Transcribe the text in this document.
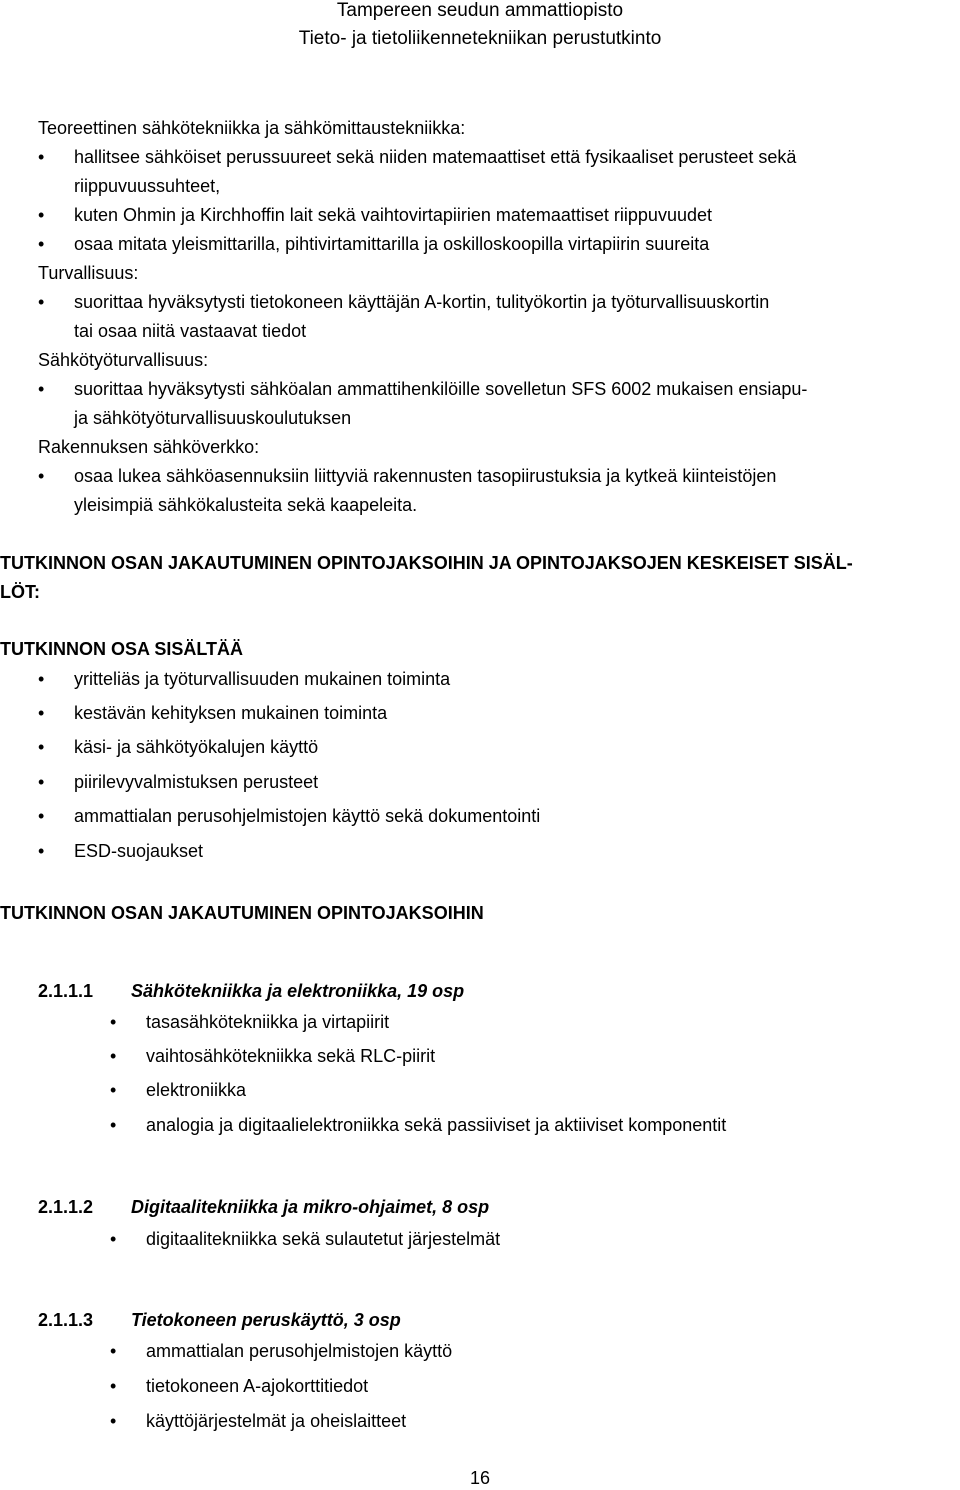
Tampereen seudun ammattiopisto
Tieto- ja tietoliikennetekniikan perustutkinto
Teoreettinen sähkötekniikka ja sähkömittaustekniikka:
• hallitsee sähköiset perussuureet sekä niiden matemaattiset että fysikaaliset perusteet sekä
riippuvuussuhteet,
• kuten Ohmin ja Kirchhoffin lait sekä vaihtovirtapiirien matemaattiset riippuvuudet
• osaa mitata yleismittarilla, pihtivirtamittarilla ja oskilloskoopilla virtapiirin suureita
Turvallisuus:
• suorittaa hyväksytysti tietokoneen käyttäjän A-kortin, tulityökortin ja työturvallisuuskortin
tai osaa niitä vastaavat tiedot
Sähkötyöturvallisuus:
• suorittaa hyväksytysti sähköalan ammattihenkilöille sovelletun SFS 6002 mukaisen ensiapu-
ja sähkötyöturvallisuuskoulutuksen
Rakennuksen sähköverkko:
• osaa lukea sähköasennuksiin liittyviä rakennusten tasopiirustuksia ja kytkeä kiinteistöjen
yleisimpiä sähkökalusteita sekä kaapeleita.
TUTKINNON OSAN JAKAUTUMINEN OPINTOJAKSOIHIN JA OPINTOJAKSOJEN KESKEISET SISÄL-
LÖT:
TUTKINNON OSA SISÄLTÄÄ
• yritteliäs ja työturvallisuuden mukainen toiminta
• kestävän kehityksen mukainen toiminta
• käsi- ja sähkötyökalujen käyttö
• piirilevyvalmistuksen perusteet
• ammattialan perusohjelmistojen käyttö sekä dokumentointi
• ESD-suojaukset
TUTKINNON OSAN JAKAUTUMINEN OPINTOJAKSOIHIN
2.1.1.1 Sähkötekniikka ja elektroniikka, 19 osp
• tasasähkötekniikka ja virtapiirit
• vaihtosähkötekniikka sekä RLC-piirit
• elektroniikka
• analogia ja digitaalielektroniikka sekä passiiviset ja aktiiviset komponentit
2.1.1.2 Digitaalitekniikka ja mikro-ohjaimet, 8 osp
• digitaalitekniikka sekä sulautetut järjestelmät
2.1.1.3 Tietokoneen peruskäyttö, 3 osp
• ammattialan perusohjelmistojen käyttö
• tietokoneen A-ajokorttitiedot
• käyttöjärjestelmät ja oheislaitteet
16
